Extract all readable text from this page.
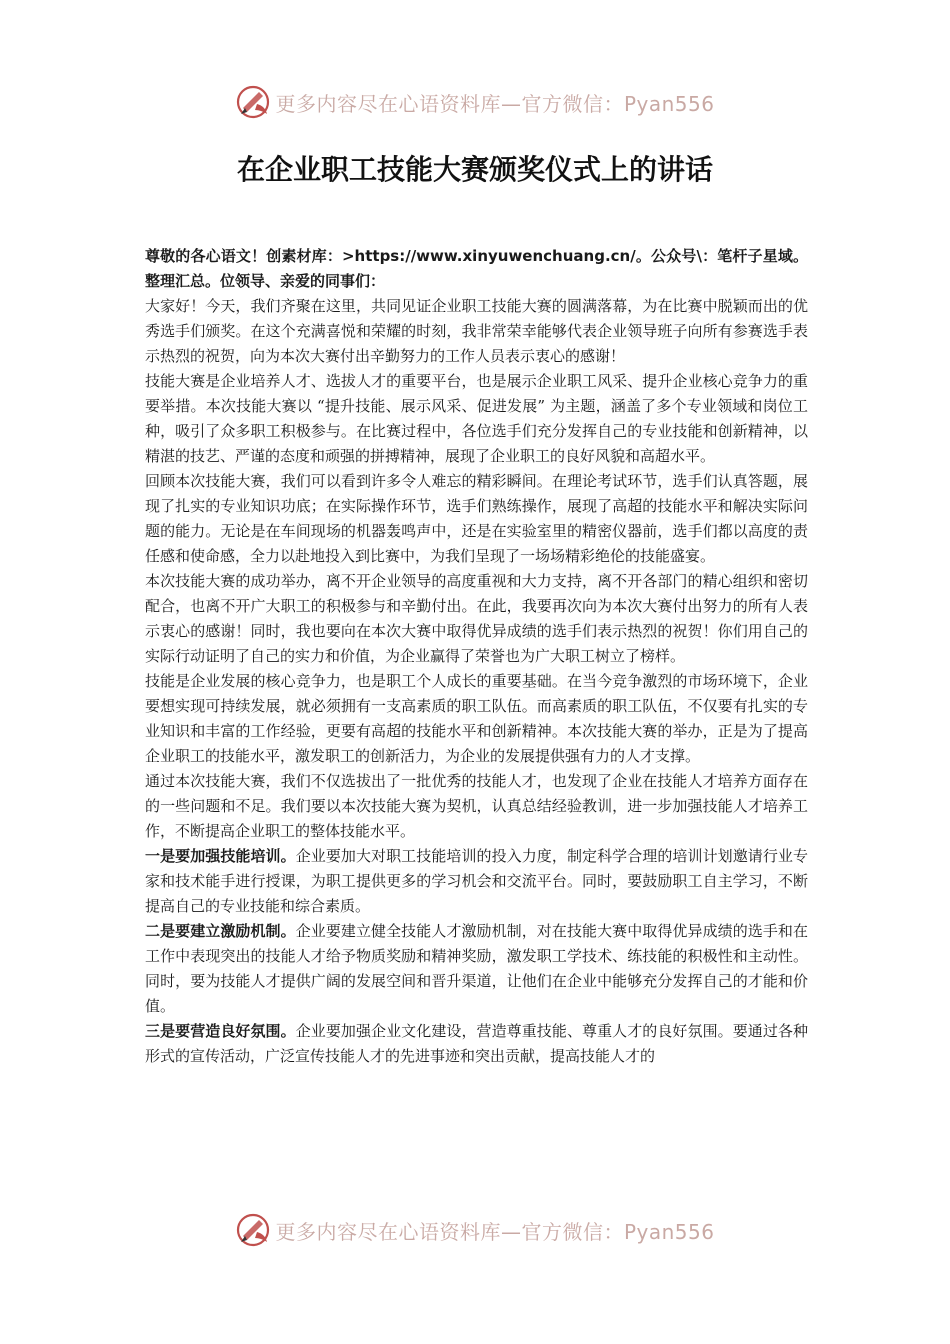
更多内容尽在心语资料库—官方微信：Pyan556
在企业职工技能大赛颁奖仪式上的讲话

尊敬的各心语文！创素材库：>https://www.xinyuwenchuang.cn/。公众号\：笔杆子星域。整理汇总。位领导、亲爱的同事们：

大家好！今天，我们齐聚在这里，共同见证企业职工技能大赛的圆满落幕，为在比赛中脱颖而出的优秀选手们颁奖。在这个充满喜悦和荣耀的时刻，我非常荣幸能够代表企业领导班子向所有参赛选手表示热烈的祝贺，向为本次大赛付出辛勤努力的工作人员表示衷心的感谢！

技能大赛是企业培养人才、选拔人才的重要平台，也是展示企业职工风采、提升企业核心竞争力的重要举措。本次技能大赛以 “提升技能、展示风采、促进发展” 为主题，涵盖了多个专业领域和岗位工种，吸引了众多职工积极参与。在比赛过程中，各位选手们充分发挥自己的专业技能和创新精神，以精湛的技艺、严谨的态度和顽强的拼搏精神，展现了企业职工的良好风貌和高超水平。

回顾本次技能大赛，我们可以看到许多令人难忘的精彩瞬间。在理论考试环节，选手们认真答题，展现了扎实的专业知识功底；在实际操作环节，选手们熟练操作，展现了高超的技能水平和解决实际问题的能力。无论是在车间现场的机器轰鸣声中，还是在实验室里的精密仪器前，选手们都以高度的责任感和使命感，全力以赴地投入到比赛中，为我们呈现了一场场精彩绝伦的技能盛宴。

本次技能大赛的成功举办，离不开企业领导的高度重视和大力支持，离不开各部门的精心组织和密切配合，也离不开广大职工的积极参与和辛勤付出。在此，我要再次向为本次大赛付出努力的所有人表示衷心的感谢！同时，我也要向在本次大赛中取得优异成绩的选手们表示热烈的祝贺！你们用自己的实际行动证明了自己的实力和价值，为企业赢得了荣誉也为广大职工树立了榜样。

技能是企业发展的核心竞争力，也是职工个人成长的重要基础。在当今竞争激烈的市场环境下，企业要想实现可持续发展，就必须拥有一支高素质的职工队伍。而高素质的职工队伍，不仅要有扎实的专业知识和丰富的工作经验，更要有高超的技能水平和创新精神。本次技能大赛的举办，正是为了提高企业职工的技能水平，激发职工的创新活力，为企业的发展提供强有力的人才支撑。

通过本次技能大赛，我们不仅选拔出了一批优秀的技能人才，也发现了企业在技能人才培养方面存在的一些问题和不足。我们要以本次技能大赛为契机，认真总结经验教训，进一步加强技能人才培养工作，不断提高企业职工的整体技能水平。

一是要加强技能培训。企业要加大对职工技能培训的投入力度，制定科学合理的培训计划邀请行业专家和技术能手进行授课，为职工提供更多的学习机会和交流平台。同时，要鼓励职工自主学习，不断提高自己的专业技能和综合素质。

二是要建立激励机制。企业要建立健全技能人才激励机制，对在技能大赛中取得优异成绩的选手和在工作中表现突出的技能人才给予物质奖励和精神奖励，激发职工学技术、练技能的积极性和主动性。同时，要为技能人才提供广阔的发展空间和晋升渠道，让他们在企业中能够充分发挥自己的才能和价值。

三是要营造良好氛围。企业要加强企业文化建设，营造尊重技能、尊重人才的良好氛围。要通过各种形式的宣传活动，广泛宣传技能人才的先进事迹和突出贡献，提高技能人才的

更多内容尽在心语资料库—官方微信：Pyan556
